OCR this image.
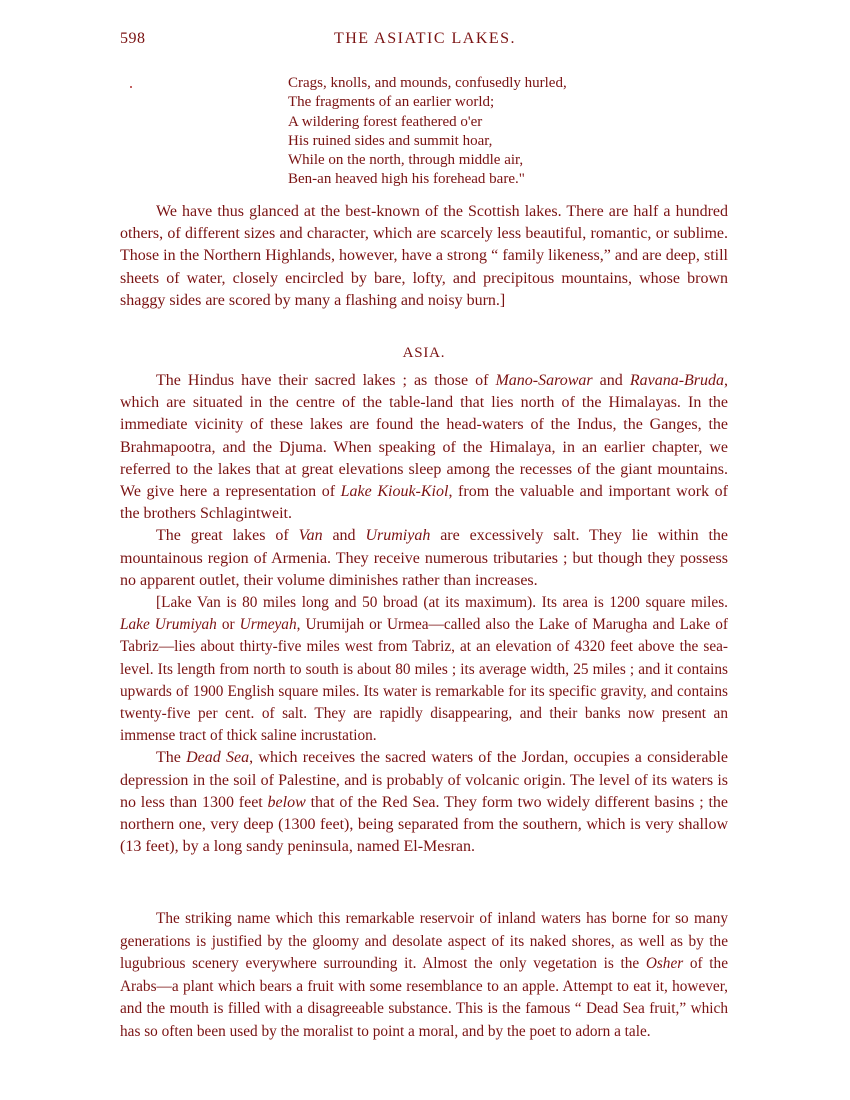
598	THE ASIATIC LAKES.
Crags, knolls, and mounds, confusedly hurled,
The fragments of an earlier world;
A wildering forest feathered o'er
His ruined sides and summit hoar,
While on the north, through middle air,
Ben-an heaved high his forehead bare."

We have thus glanced at the best-known of the Scottish lakes. There are half a hundred others, of different sizes and character, which are scarcely less beautiful, romantic, or sublime. Those in the Northern Highlands, however, have a strong “ family likeness,” and are deep, still sheets of water, closely encircled by bare, lofty, and precipitous mountains, whose brown shaggy sides are scored by many a flashing and noisy burn.]

ASIA.

The Hindus have their sacred lakes ; as those of Mano-Sarowar and Ravana-Bruda, which are situated in the centre of the table-land that lies north of the Himalayas. In the immediate vicinity of these lakes are found the head-waters of the Indus, the Ganges, the Brahmapootra, and the Djuma. When speaking of the Himalaya, in an earlier chapter, we referred to the lakes that at great elevations sleep among the recesses of the giant mountains. We give here a representation of Lake Kiouk-Kiol, from the valuable and important work of the brothers Schlagintweit.

The great lakes of Van and Urumiyah are excessively salt. They lie within the mountainous region of Armenia. They receive numerous tributaries ; but though they possess no apparent outlet, their volume diminishes rather than increases.

[Lake Van is 80 miles long and 50 broad (at its maximum). Its area is 1200 square miles. Lake Urumiyah or Urmeyah, Urumijah or Urmea—called also the Lake of Marugha and Lake of Tabriz—lies about thirty-five miles west from Tabriz, at an elevation of 4320 feet above the sea-level. Its length from north to south is about 80 miles ; its average width, 25 miles ; and it contains upwards of 1900 English square miles. Its water is remarkable for its specific gravity, and contains twenty-five per cent. of salt. They are rapidly disappearing, and their banks now present an immense tract of thick saline incrustation.

The Dead Sea, which receives the sacred waters of the Jordan, occupies a considerable depression in the soil of Palestine, and is probably of volcanic origin. The level of its waters is no less than 1300 feet below that of the Red Sea. They form two widely different basins ; the northern one, very deep (1300 feet), being separated from the southern, which is very shallow (13 feet), by a long sandy peninsula, named El-Mesran.

The striking name which this remarkable reservoir of inland waters has borne for so many generations is justified by the gloomy and desolate aspect of its naked shores, as well as by the lugubrious scenery everywhere surrounding it. Almost the only vegetation is the Osher of the Arabs—a plant which bears a fruit with some resemblance to an apple. Attempt to eat it, however, and the mouth is filled with a disagreeable substance. This is the famous “ Dead Sea fruit,” which has so often been used by the moralist to point a moral, and by the poet to adorn a tale.
